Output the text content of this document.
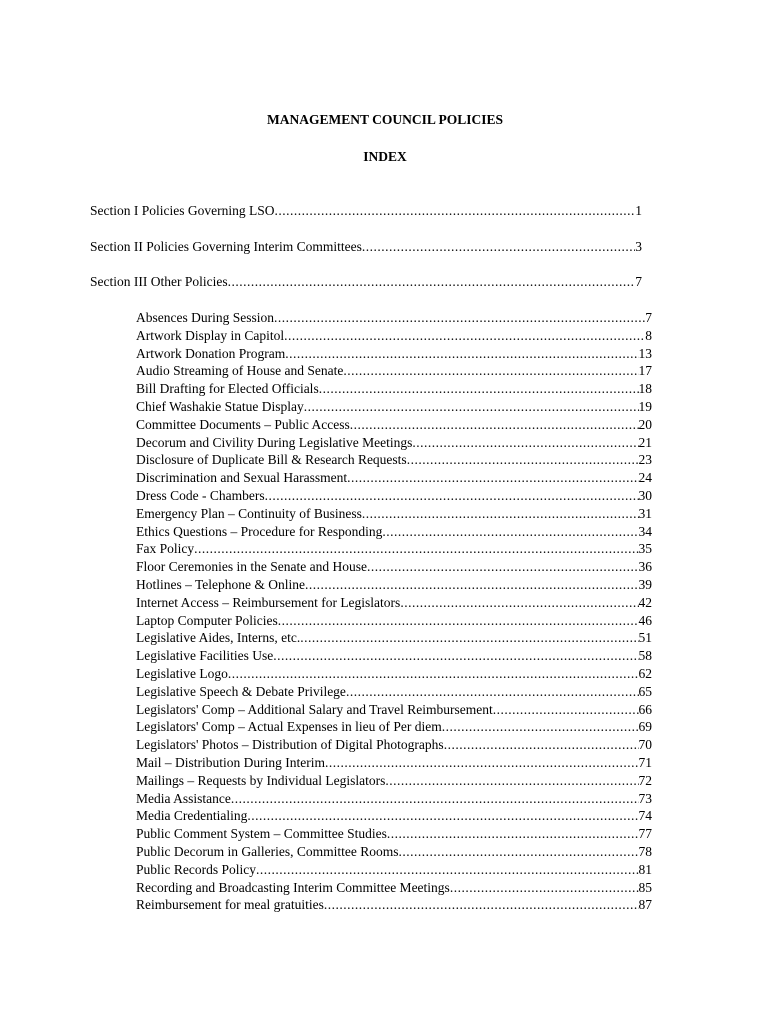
MANAGEMENT COUNCIL POLICIES
INDEX
Section I Policies Governing LSO .....	1
Section II Policies Governing Interim Committees .....	3
Section III Other Policies .....	7
Absences During Session .....	7
Artwork Display in Capitol .....	8
Artwork Donation Program .....	13
Audio Streaming of House and Senate .....	17
Bill Drafting for Elected Officials .....	18
Chief Washakie Statue Display .....	19
Committee Documents – Public Access .....	20
Decorum and Civility During Legislative Meetings .....	21
Disclosure of Duplicate Bill & Research Requests .....	23
Discrimination and Sexual Harassment .....	24
Dress Code - Chambers .....	30
Emergency Plan – Continuity of Business .....	31
Ethics Questions – Procedure for Responding .....	34
Fax Policy .....	35
Floor Ceremonies in the Senate and House .....	36
Hotlines – Telephone & Online .....	39
Internet Access – Reimbursement for Legislators .....	42
Laptop Computer Policies .....	46
Legislative Aides, Interns, etc. .....	51
Legislative Facilities Use .....	58
Legislative Logo .....	62
Legislative Speech & Debate Privilege .....	65
Legislators' Comp – Additional Salary and Travel Reimbursement .....	66
Legislators' Comp – Actual Expenses in lieu of Per diem .....	69
Legislators' Photos – Distribution of Digital Photographs .....	70
Mail – Distribution During Interim .....	71
Mailings – Requests by Individual Legislators .....	72
Media Assistance .....	73
Media Credentialing .....	74
Public Comment System – Committee Studies .....	77
Public Decorum in Galleries, Committee Rooms .....	78
Public Records Policy .....	81
Recording and Broadcasting Interim Committee Meetings .....	85
Reimbursement for meal gratuities .....	87
